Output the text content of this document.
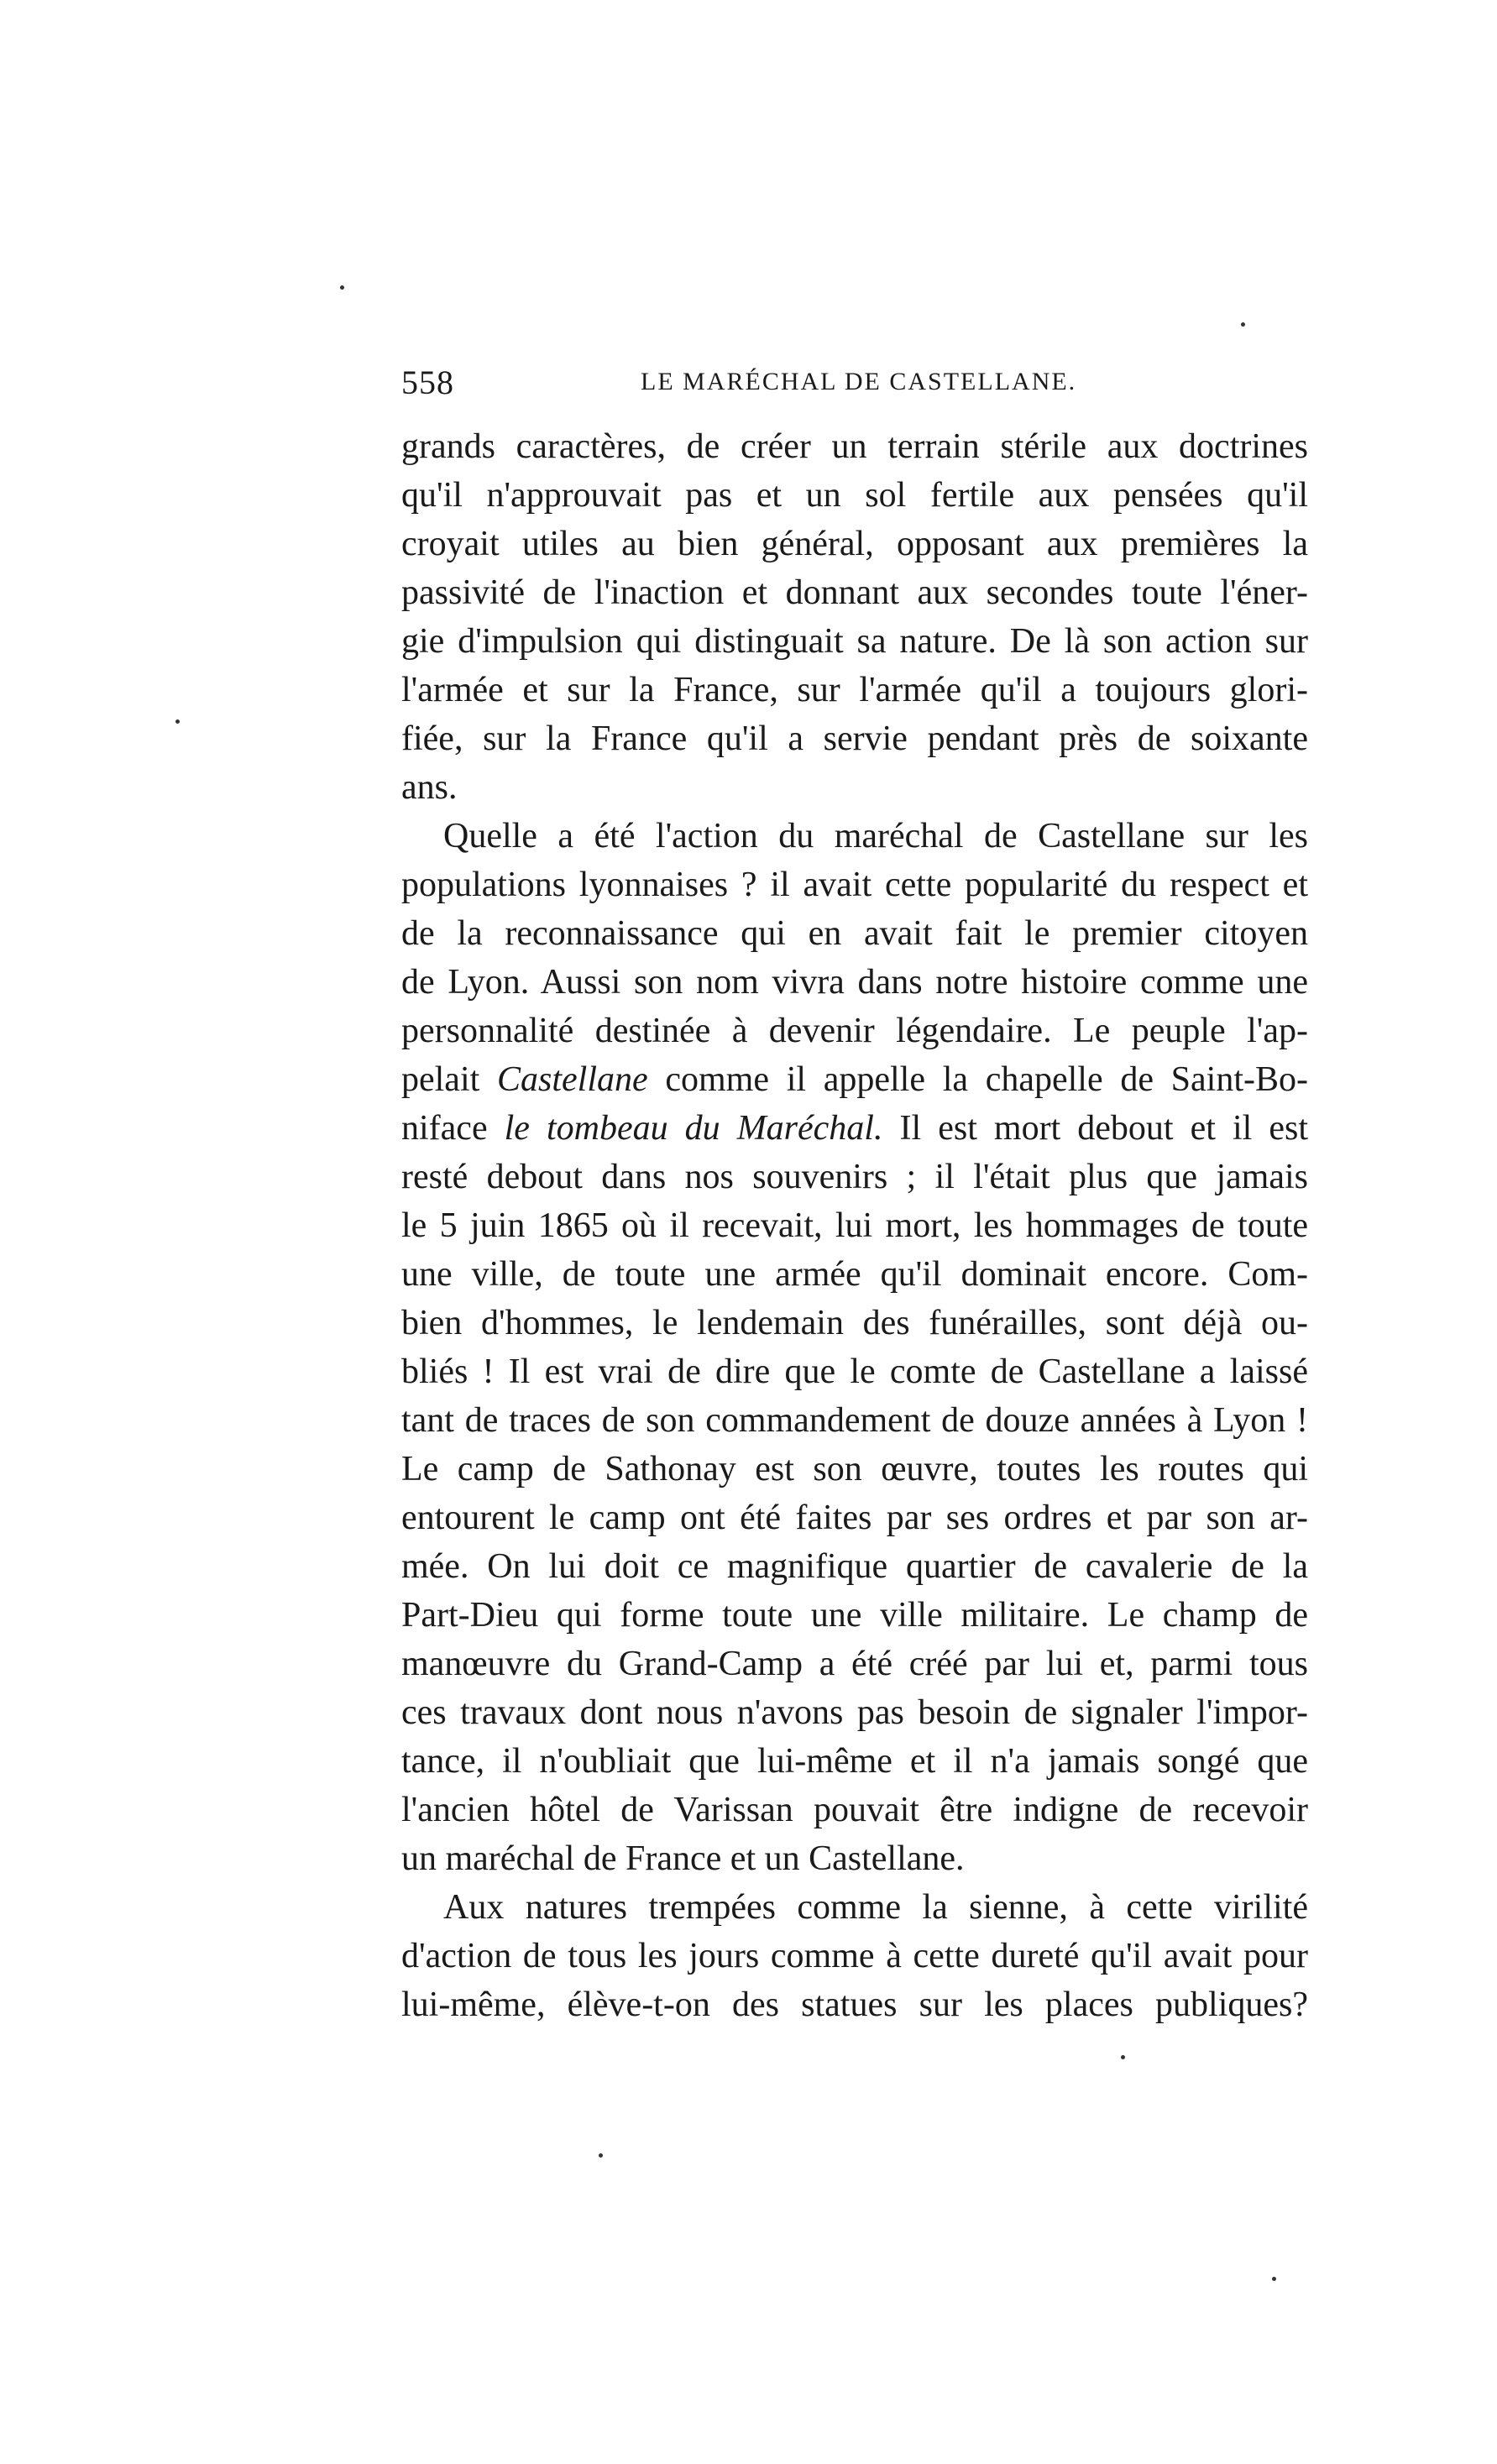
558	LE MARÉCHAL DE CASTELLANE.
grands caractères, de créer un terrain stérile aux doctrines
qu'il n'approuvait pas et un sol fertile aux pensées qu'il
croyait utiles au bien général, opposant aux premières la
passivité de l'inaction et donnant aux secondes toute l'éner-
gie d'impulsion qui distinguait sa nature. De là son action sur
l'armée et sur la France, sur l'armée qu'il a toujours glori-
fiée, sur la France qu'il a servie pendant près de soixante
ans.
Quelle a été l'action du maréchal de Castellane sur les
populations lyonnaises ? il avait cette popularité du respect et
de la reconnaissance qui en avait fait le premier citoyen
de Lyon. Aussi son nom vivra dans notre histoire comme une
personnalité destinée à devenir légendaire. Le peuple l'ap-
pelait Castellane comme il appelle la chapelle de Saint-Bo-
niface le tombeau du Maréchal. Il est mort debout et il est
resté debout dans nos souvenirs ; il l'était plus que jamais
le 5 juin 1865 où il recevait, lui mort, les hommages de toute
une ville, de toute une armée qu'il dominait encore. Com-
bien d'hommes, le lendemain des funérailles, sont déjà ou-
bliés ! Il est vrai de dire que le comte de Castellane a laissé
tant de traces de son commandement de douze années à Lyon !
Le camp de Sathonay est son œuvre, toutes les routes qui
entourent le camp ont été faites par ses ordres et par son ar-
mée. On lui doit ce magnifique quartier de cavalerie de la
Part-Dieu qui forme toute une ville militaire. Le champ de
manœuvre du Grand-Camp a été créé par lui et, parmi tous
ces travaux dont nous n'avons pas besoin de signaler l'impor-
tance, il n'oubliait que lui-même et il n'a jamais songé que
l'ancien hôtel de Varissan pouvait être indigne de recevoir
un maréchal de France et un Castellane.
Aux natures trempées comme la sienne, à cette virilité
d'action de tous les jours comme à cette dureté qu'il avait pour
lui-même, élève-t-on des statues sur les places publiques?
